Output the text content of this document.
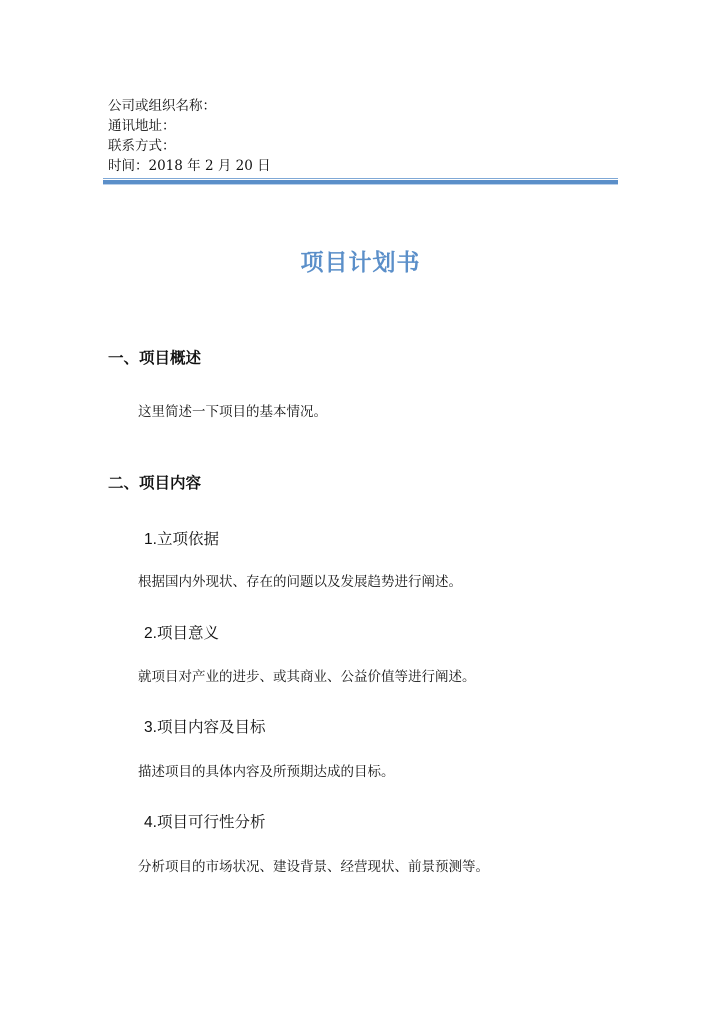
公司或组织名称：
通讯地址：
联系方式：
时间：2018 年 2 月 20 日
项目计划书
一、项目概述
这里简述一下项目的基本情况。
二、项目内容
1.立项依据
根据国内外现状、存在的问题以及发展趋势进行阐述。
2.项目意义
就项目对产业的进步、或其商业、公益价值等进行阐述。
3.项目内容及目标
描述项目的具体内容及所预期达成的目标。
4.项目可行性分析
分析项目的市场状况、建设背景、经营现状、前景预测等。
